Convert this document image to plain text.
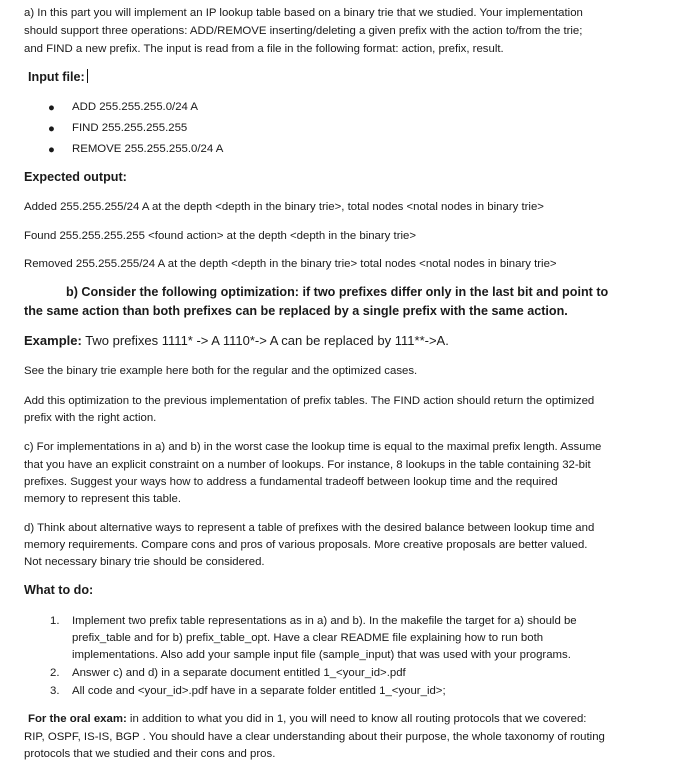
a) In this part you will implement an IP lookup table based on a binary trie that we studied. Your implementation
should support three operations: ADD/REMOVE inserting/deleting a given prefix with the action to/from the trie;
and FIND a new prefix. The input is read from a file in the following format: action, prefix, result.
Input file:
● ADD 255.255.255.0/24 A
● FIND 255.255.255.255
● REMOVE 255.255.255.0/24 A
Expected output:
Added 255.255.255/24 A at the depth <depth in the binary trie>, total nodes <notal nodes in binary trie>
Found 255.255.255.255 <found action> at the depth <depth in the binary trie>
Removed 255.255.255/24 A at the depth <depth in the binary trie> total nodes <notal nodes in binary trie>
b) Consider the following optimization: if two prefixes differ only in the last bit and point to
the same action than both prefixes can be replaced by a single prefix with the same action.
Example: Two prefixes 1111* -> A 1110*-> A can be replaced by 111**->A.
See the binary trie example here both for the regular and the optimized cases.
Add this optimization to the previous implementation of prefix tables. The FIND action should return the optimized
prefix with the right action.
c) For implementations in a) and b) in the worst case the lookup time is equal to the maximal prefix length. Assume
that you have an explicit constraint on a number of lookups. For instance, 8 lookups in the table containing 32-bit
prefixes. Suggest your ways how to address a fundamental tradeoff between lookup time and the required
memory to represent this table.
d) Think about alternative ways to represent a table of prefixes with the desired balance between lookup time and
memory requirements. Compare cons and pros of various proposals. More creative proposals are better valued.
Not necessary binary trie should be considered.
What to do:
1. Implement two prefix table representations as in a) and b). In the makefile the target for a) should be
prefix_table and for b) prefix_table_opt. Have a clear README file explaining how to run both
implementations. Also add your sample input file (sample_input) that was used with your programs.
2. Answer c) and d) in a separate document entitled 1_<your_id>.pdf
3. All code and <your_id>.pdf have in a separate folder entitled 1_<your_id>;
For the oral exam: in addition to what you did in 1, you will need to know all routing protocols that we covered:
RIP, OSPF, IS-IS, BGP . You should have a clear understanding about their purpose, the whole taxonomy of routing
protocols that we studied and their cons and pros.
